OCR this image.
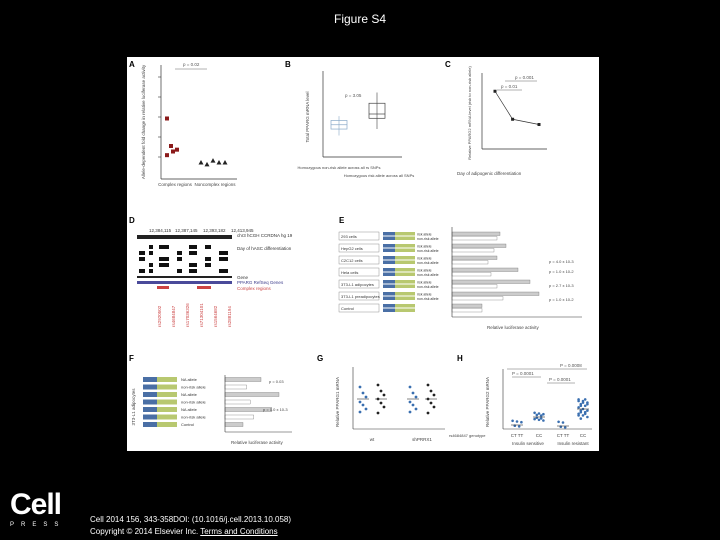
Figure S4
A
Allele-dependent fold change in relative luciferase activity
p = 0.02
Complex regions Noncomplex regions
B
Total PPARG mRNA level	p = 3.05
Homozygous non-risk allele across all rs SNPs
Homozygous risk allele across all SNPs
C
Relative PPARG2 mRNA level (risk to non-risk allele)	p = 0.001
p = 0.01
Day of adipogenic differentiation
D
12,384,115 12,387,145 12,393,182 12,413,945
chr3 hCGH CCRDNA hg 19
Day of hASC differentiation
Gene
PPARG RefSeq Genes
Complex regions
rs2920502 rs4684847 rs17036326 rs71304101 rs1564682 rs2881194
E
293 cells	risk allele
non-risk allele
HepG2 cells	risk allele
non-risk allele
C2C12 cells	risk allele
non-risk allele
Hela cells	risk allele
non-risk allele
3T3-L1 adipocytes	risk allele
non-risk allele
3T3-L1 preadipocytes	risk allele
non-risk allele
Control
Relative luciferase activity
p = 4.0 x 10-3
p = 1.0 x 10-2
p = 2.7 x 10-3
p = 1.0 x 10-2
F
3T3-L1 adipocytes
NA allele
non-risk allele
NA allele
non-risk allele
NA allele
non-risk allele
Control
p = 0.03
p = 1.0 x 10-3
Relative luciferase activity
G
Relative PPARG1 mRNA
wt	shPRRX1
H
P = 0.0008
P = 0.0001
P = 0.0001
Relative PPARG2 mRNA
rs4684847 genotype	CT TT	CC	CT TT CC
Insulin sensitive	Insulin resistant
Cell
PRESS
Cell 2014 156, 343-358DOI: (10.1016/j.cell.2013.10.058)
Copyright © 2014 Elsevier Inc. Terms and Conditions
